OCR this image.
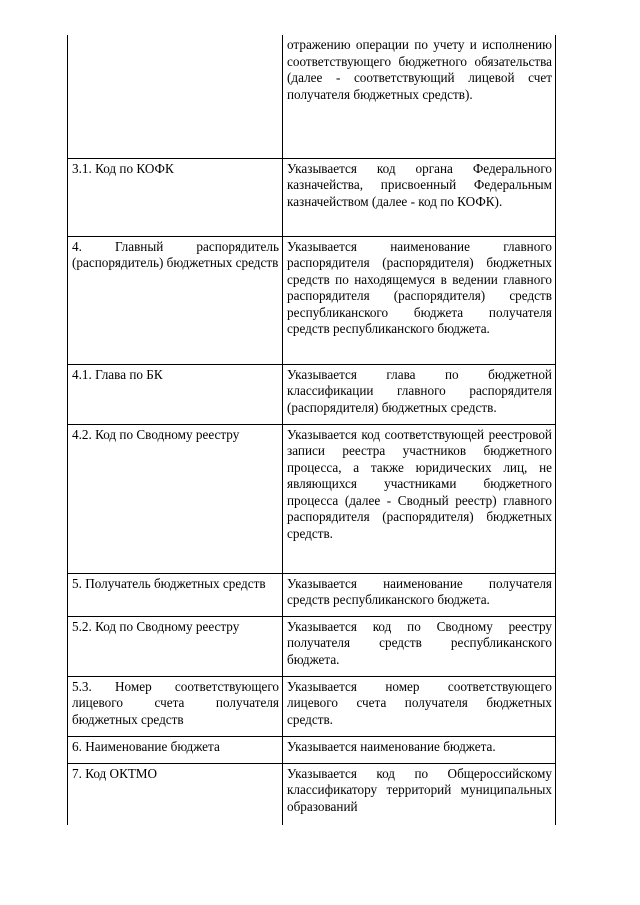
	отражению операции по учету и исполнению соответствующего бюджетного обязательства (далее - соответствующий лицевой счет получателя бюджетных средств).
3.1. Код по КОФК	Указывается код органа Федерального казначейства, присвоенный Федеральным казначейством (далее - код по КОФК).
4. Главный распорядитель (распорядитель) бюджетных средств	Указывается наименование главного распорядителя (распорядителя) бюджетных средств по находящемуся в ведении главного распорядителя (распорядителя) средств республиканского бюджета получателя средств республиканского бюджета.
4.1. Глава по БК	Указывается глава по бюджетной классификации главного распорядителя (распорядителя) бюджетных средств.
4.2. Код по Сводному реестру	Указывается код соответствующей реестровой записи реестра участников бюджетного процесса, а также юридических лиц, не являющихся участниками бюджетного процесса (далее - Сводный реестр) главного распорядителя (распорядителя) бюджетных средств.
5. Получатель бюджетных средств	Указывается наименование получателя средств республиканского бюджета.
5.2. Код по Сводному реестру	Указывается код по Сводному реестру получателя средств республиканского бюджета.
5.3. Номер соответствующего лицевого счета получателя бюджетных средств	Указывается номер соответствующего лицевого счета получателя бюджетных средств.
6. Наименование бюджета	Указывается наименование бюджета.
7. Код ОКТМО	Указывается код по Общероссийскому классификатору территорий муниципальных образований
